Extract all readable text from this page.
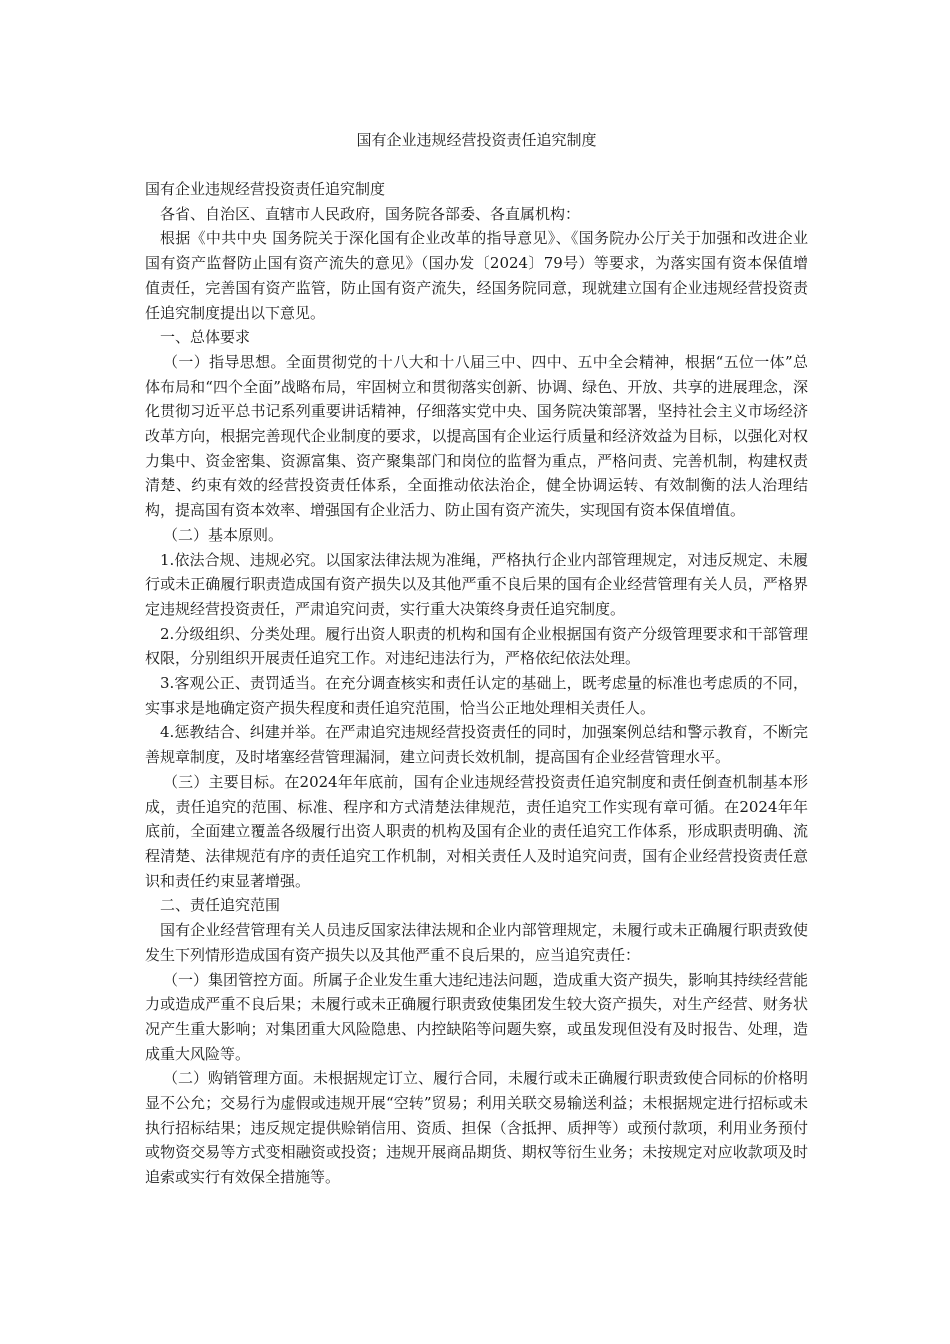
国有企业违规经营投资责任追究制度

国有企业违规经营投资责任追究制度

各省、自治区、直辖市人民政府，国务院各部委、各直属机构：

根据《中共中央 国务院关于深化国有企业改革的指导意见》、《国务院办公厅关于加强和改进企业国有资产监督防止国有资产流失的意见》（国办发〔2024〕79号）等要求，为落实国有资本保值增值责任，完善国有资产监管，防止国有资产流失，经国务院同意，现就建立国有企业违规经营投资责任追究制度提出以下意见。

一、总体要求

（一）指导思想。全面贯彻党的十八大和十八届三中、四中、五中全会精神，根据“五位一体”总体布局和“四个全面”战略布局，牢固树立和贯彻落实创新、协调、绿色、开放、共享的进展理念，深化贯彻习近平总书记系列重要讲话精神，仔细落实党中央、国务院决策部署，坚持社会主义市场经济改革方向，根据完善现代企业制度的要求，以提高国有企业运行质量和经济效益为目标，以强化对权力集中、资金密集、资源富集、资产聚集部门和岗位的监督为重点，严格问责、完善机制，构建权责清楚、约束有效的经营投资责任体系，全面推动依法治企，健全协调运转、有效制衡的法人治理结构，提高国有资本效率、增强国有企业活力、防止国有资产流失，实现国有资本保值增值。

（二）基本原则。

1.依法合规、违规必究。以国家法律法规为准绳，严格执行企业内部管理规定，对违反规定、未履行或未正确履行职责造成国有资产损失以及其他严重不良后果的国有企业经营管理有关人员，严格界定违规经营投资责任，严肃追究问责，实行重大决策终身责任追究制度。

2.分级组织、分类处理。履行出资人职责的机构和国有企业根据国有资产分级管理要求和干部管理权限，分别组织开展责任追究工作。对违纪违法行为，严格依纪依法处理。

3.客观公正、责罚适当。在充分调查核实和责任认定的基础上，既考虑量的标准也考虑质的不同，实事求是地确定资产损失程度和责任追究范围，恰当公正地处理相关责任人。

4.惩教结合、纠建并举。在严肃追究违规经营投资责任的同时，加强案例总结和警示教育，不断完善规章制度，及时堵塞经营管理漏洞，建立问责长效机制，提高国有企业经营管理水平。

（三）主要目标。在2024年年底前，国有企业违规经营投资责任追究制度和责任倒查机制基本形成，责任追究的范围、标准、程序和方式清楚法律规范，责任追究工作实现有章可循。在2024年年底前，全面建立覆盖各级履行出资人职责的机构及国有企业的责任追究工作体系，形成职责明确、流程清楚、法律规范有序的责任追究工作机制，对相关责任人及时追究问责，国有企业经营投资责任意识和责任约束显著增强。

二、责任追究范围

国有企业经营管理有关人员违反国家法律法规和企业内部管理规定，未履行或未正确履行职责致使发生下列情形造成国有资产损失以及其他严重不良后果的，应当追究责任：

（一）集团管控方面。所属子企业发生重大违纪违法问题，造成重大资产损失，影响其持续经营能力或造成严重不良后果；未履行或未正确履行职责致使集团发生较大资产损失，对生产经营、财务状况产生重大影响；对集团重大风险隐患、内控缺陷等问题失察，或虽发现但没有及时报告、处理，造成重大风险等。

（二）购销管理方面。未根据规定订立、履行合同，未履行或未正确履行职责致使合同标的价格明显不公允；交易行为虚假或违规开展“空转”贸易；利用关联交易输送利益；未根据规定进行招标或未执行招标结果；违反规定提供赊销信用、资质、担保（含抵押、质押等）或预付款项，利用业务预付或物资交易等方式变相融资或投资；违规开展商品期货、期权等衍生业务；未按规定对应收款项及时追索或实行有效保全措施等。
